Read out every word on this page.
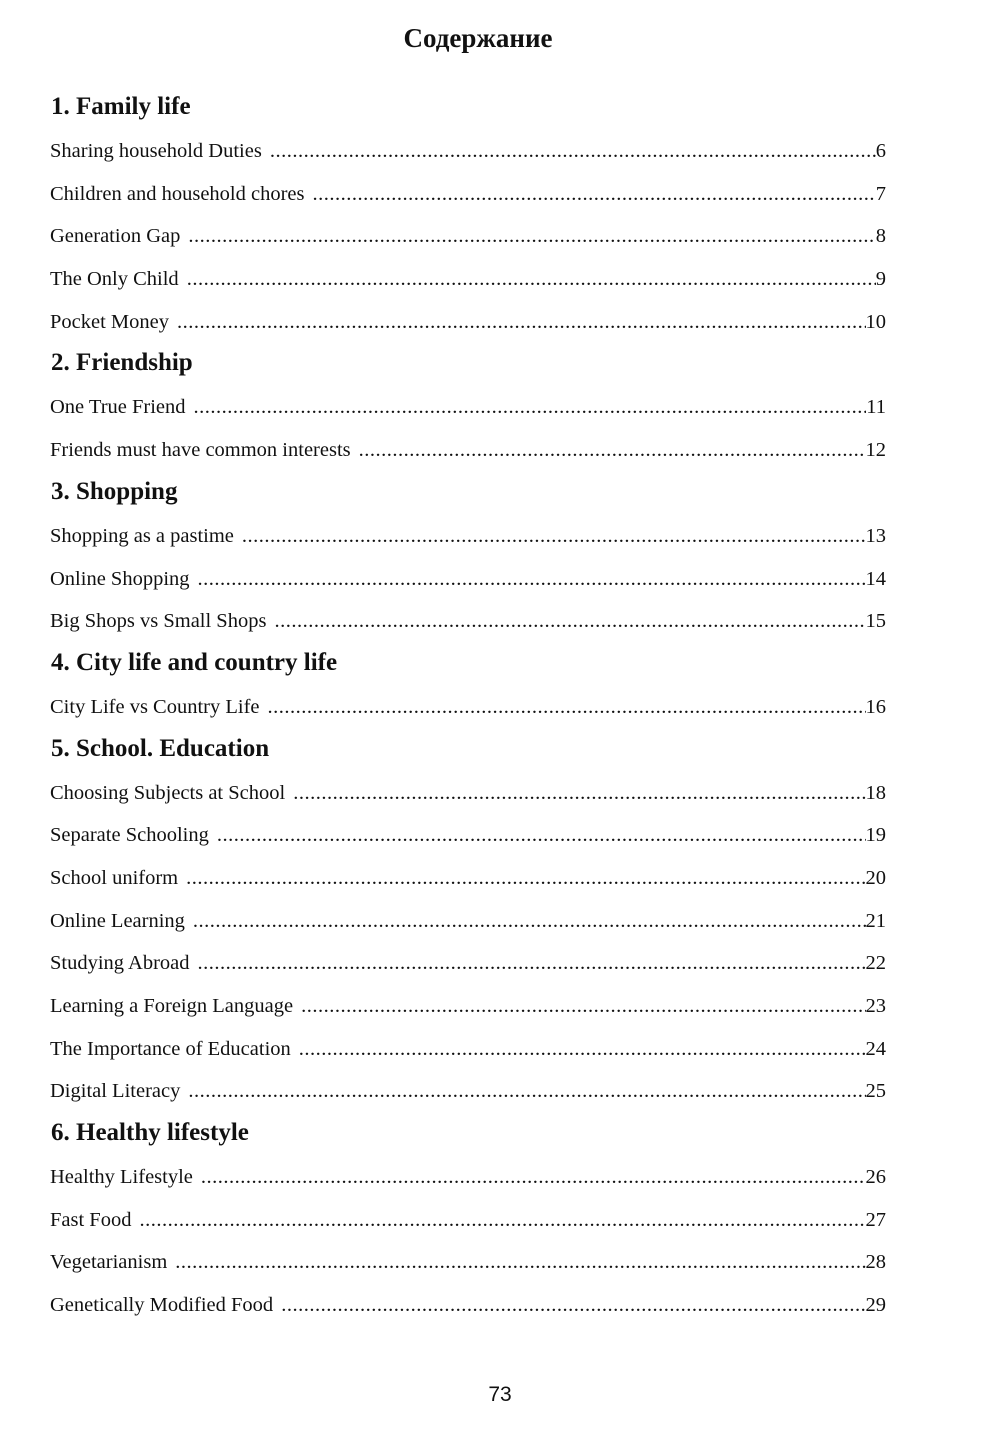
Содержание
1. Family life
Sharing household Duties .....	6
Children and household chores .....	7
Generation Gap .....	8
The Only Child .....	9
Pocket Money .....	10
2. Friendship
One True Friend .....	11
Friends must have common interests .....	12
3. Shopping
Shopping as a pastime .....	13
Online Shopping .....	14
Big Shops vs Small Shops .....	15
4. City life and country life
City Life vs Country Life .....	16
5. School. Education
Choosing Subjects at School .....	18
Separate Schooling .....	19
School uniform .....	20
Online Learning .....	21
Studying Abroad .....	22
Learning a Foreign Language .....	23
The Importance of Education .....	24
Digital Literacy .....	25
6. Healthy lifestyle
Healthy Lifestyle .....	26
Fast Food .....	27
Vegetarianism .....	28
Genetically Modified Food .....	29
73
